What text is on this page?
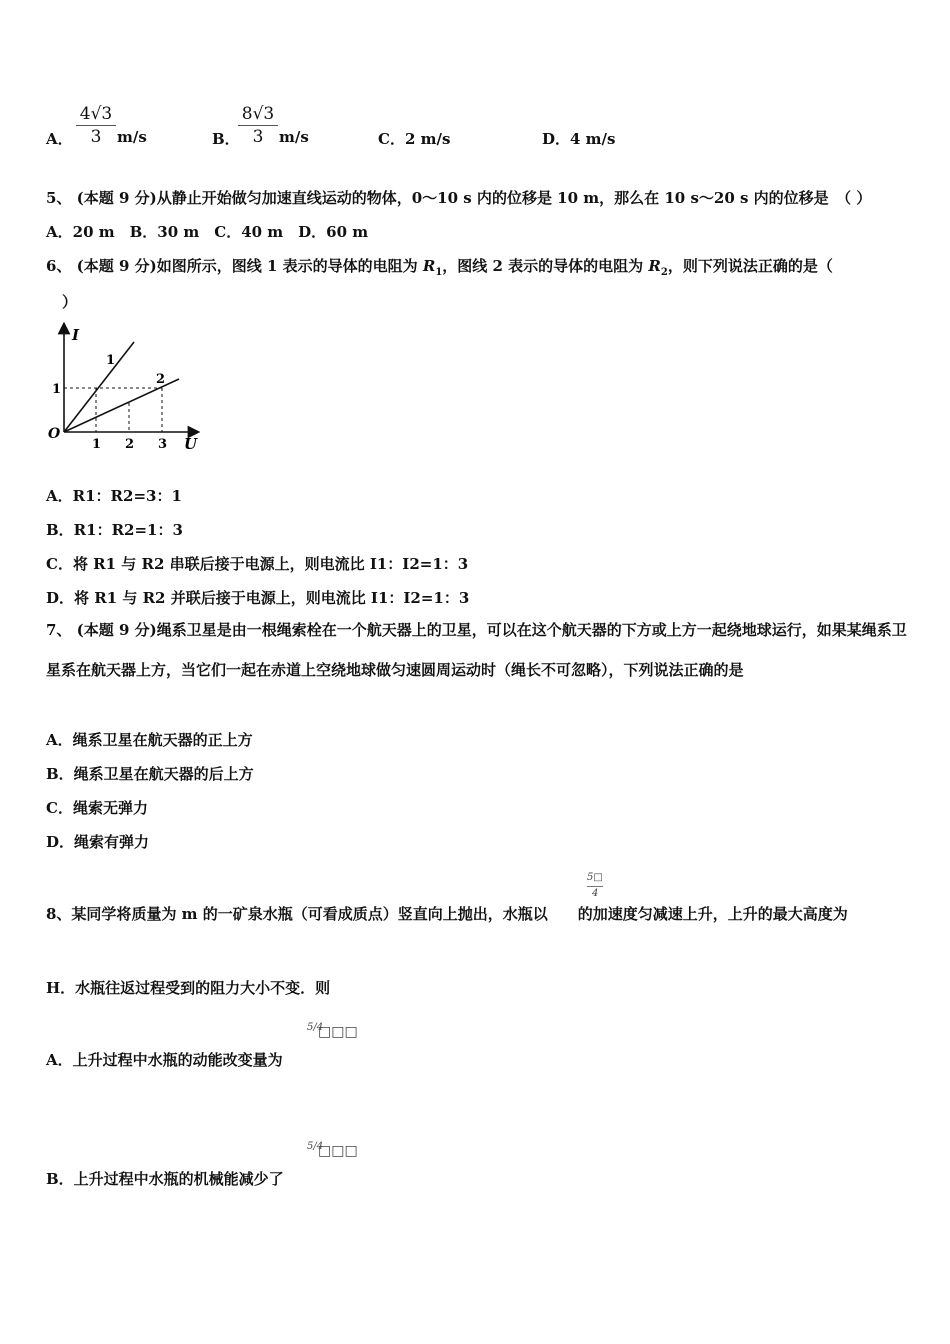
A．
4√3
3	m/s	B．
8√3
3	m/s	C．2 m/s	D．4 m/s
5、 (本题 9 分)从静止开始做匀加速直线运动的物体，0～10 s 内的位移是 10 m，那么在 10 s～20 s 内的位移是　（ ）
A．20 m　B．30 m　C．40 m　D．60 m
6、 (本题 9 分)如图所示，图线 1 表示的导体的电阻为 $R_1$，图线 2 表示的导体的电阻为 $R_2$，则下列说法正确的是（
）
I
U
O
1
2
1
1 2 3
A．R1：R2=3：1
B．R1：R2=1：3
C．将 R1 与 R2 串联后接于电源上，则电流比 I1：I2=1：3
D．将 R1 与 R2 并联后接于电源上，则电流比 I1：I2=1：3
7、 (本题 9 分)绳系卫星是由一根绳索栓在一个航天器上的卫星，可以在这个航天器的下方或上方一起绕地球运行，如果某绳系卫星系在航天器上方，当它们一起在赤道上空绕地球做匀速圆周运动时（绳长不可忽略），下列说法正确的是
A．绳系卫星在航天器的正上方
B．绳系卫星在航天器的后上方
C．绳索无弹力
D．绳索有弹力
5□
4
8、某同学将质量为 m 的一矿泉水瓶（可看成质点）竖直向上抛出，水瓶以　　的加速度匀减速上升，上升的最大高度为
H．水瓶往返过程受到的阻力大小不变．则
5/4
□□□
A．上升过程中水瓶的动能改变量为
5/4
□□□
B．上升过程中水瓶的机械能减少了
